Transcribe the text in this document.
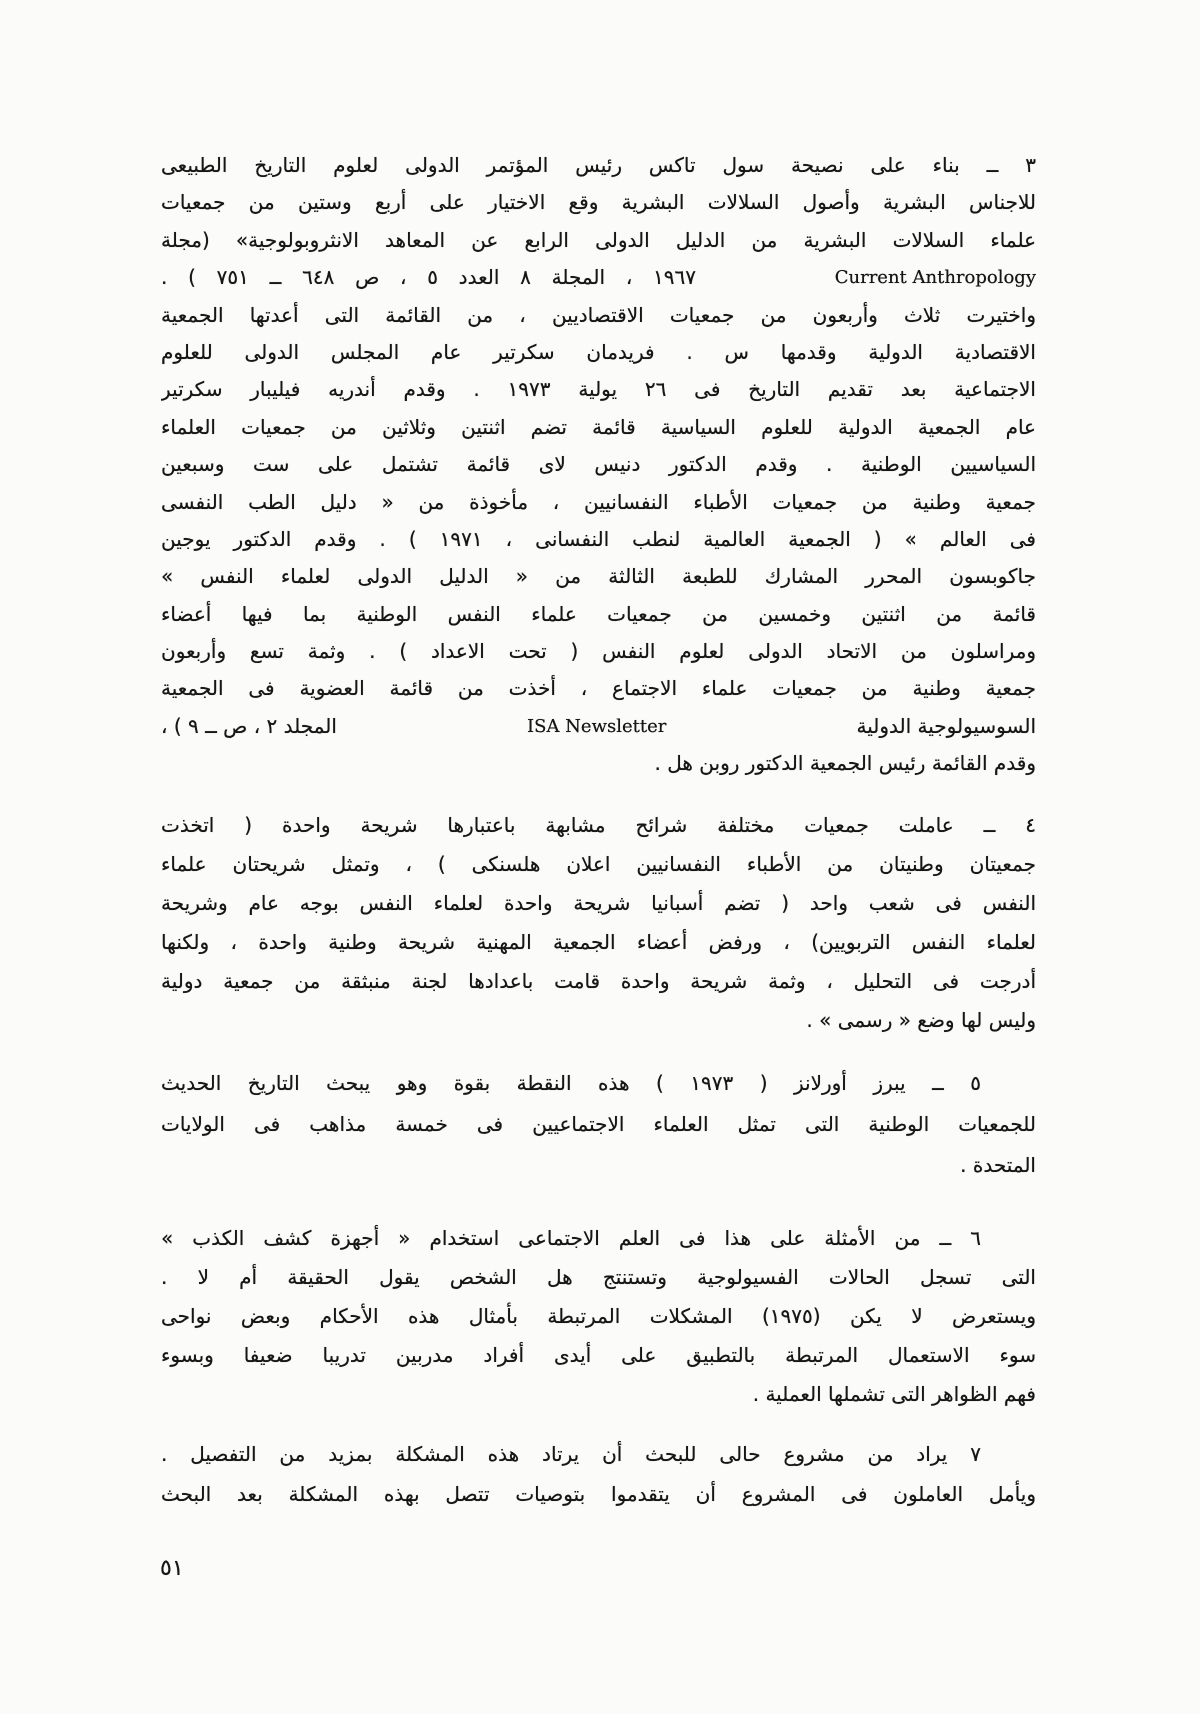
٣ ــ بناء على نصيحة سول تاكس رئيس المؤتمر الدولى لعلوم التاريخ الطبيعى
للاجناس البشرية وأصول السلالات البشرية وقع الاختيار على أربع وستين من جمعيات
علماء السلالات البشرية من الدليل الدولى الرابع عن المعاهد الانثروبولوجية» (مجلة
Current Anthropology
١٩٦٧ ، المجلة ٨ العدد ٥ ، ص ٦٤٨ ــ ٧٥١ ) .
واختيرت ثلاث وأربعون من جمعيات الاقتصاديين ، من القائمة التى أعدتها الجمعية
الاقتصادية الدولية وقدمها س . فريدمان سكرتير عام المجلس الدولى للعلوم
الاجتماعية بعد تقديم التاريخ فى ٢٦ يولية ١٩٧٣ . وقدم أندريه فيليبار سكرتير
عام الجمعية الدولية للعلوم السياسية قائمة تضم اثنتين وثلاثين من جمعيات العلماء
السياسيين الوطنية . وقدم الدكتور دنيس لاى قائمة تشتمل على ست وسبعين
جمعية وطنية من جمعيات الأطباء النفسانيين ، مأخوذة من « دليل الطب النفسى
فى العالم » ( الجمعية العالمية لنطب النفسانى ، ١٩٧١ ) . وقدم الدكتور يوجين
جاكوبسون المحرر المشارك للطبعة الثالثة من « الدليل الدولى لعلماء النفس »
قائمة من اثنتين وخمسين من جمعيات علماء النفس الوطنية بما فيها أعضاء
ومراسلون من الاتحاد الدولى لعلوم النفس ( تحت الاعداد ) . وثمة تسع وأربعون
جمعية وطنية من جمعيات علماء الاجتماع ، أخذت من قائمة العضوية فى الجمعية
السوسيولوجية الدولية
ISA Newsletter
المجلد ٢ ، ص ــ ٩ ) ،
وقدم القائمة رئيس الجمعية الدكتور روبن هل .
٤ ــ عاملت جمعيات مختلفة شرائح مشابهة باعتبارها شريحة واحدة ( اتخذت
جمعيتان وطنيتان من الأطباء النفسانيين اعلان هلسنكى ) ، وتمثل شريحتان علماء
النفس فى شعب واحد ( تضم أسبانيا شريحة واحدة لعلماء النفس بوجه عام وشريحة
لعلماء النفس التربويين) ، ورفض أعضاء الجمعية المهنية شريحة وطنية واحدة ، ولكنها
أدرجت فى التحليل ، وثمة شريحة واحدة قامت باعدادها لجنة منبثقة من جمعية دولية
وليس لها وضع « رسمى » .
٥ ــ يبرز أورلانز ( ١٩٧٣ ) هذه النقطة بقوة وهو يبحث التاريخ الحديث
للجمعيات الوطنية التى تمثل العلماء الاجتماعيين فى خمسة مذاهب فى الولايات
المتحدة .
٦ ــ من الأمثلة على هذا فى العلم الاجتماعى استخدام « أجهزة كشف الكذب »
التى تسجل الحالات الفسيولوجية وتستنتج هل الشخص يقول الحقيقة أم لا .
ويستعرض لا يكن (١٩٧٥) المشكلات المرتبطة بأمثال هذه الأحكام وبعض نواحى
سوء الاستعمال المرتبطة بالتطبيق على أيدى أفراد مدربين تدريبا ضعيفا وبسوء
فهم الظواهر التى تشملها العملية .
٧ يراد من مشروع حالى للبحث أن يرتاد هذه المشكلة بمزيد من التفصيل .
ويأمل العاملون فى المشروع أن يتقدموا بتوصيات تتصل بهذه المشكلة بعد البحث
٥١
